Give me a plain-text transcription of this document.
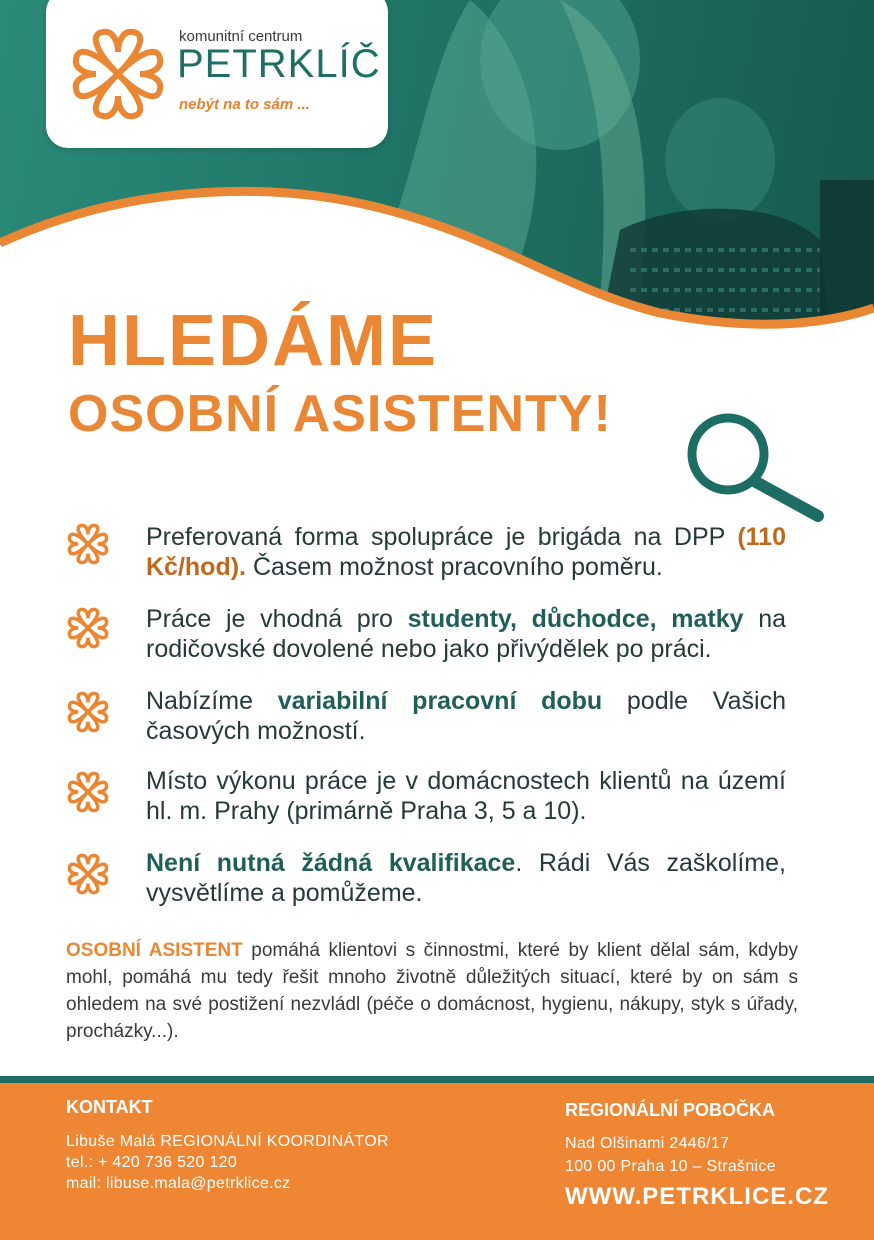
komunitní centrum
PETRKLÍČ
nebýt na to sám ...
HLEDÁME
OSOBNÍ ASISTENTY!
Preferovaná forma spolupráce je brigáda na DPP (110 Kč/hod). Časem možnost pracovního poměru.
Práce je vhodná pro studenty, důchodce, matky na rodičovské dovolené nebo jako přivýdělek po práci.
Nabízíme variabilní pracovní dobu podle Vašich časových možností.
Místo výkonu práce je v domácnostech klientů na území hl. m. Prahy (primárně Praha 3, 5 a 10).
Není nutná žádná kvalifikace. Rádi Vás zaškolíme, vysvětlíme a pomůžeme.
OSOBNÍ ASISTENT pomáhá klientovi s činnostmi, které by klient dělal sám, kdyby mohl, pomáhá mu tedy řešit mnoho životně důležitých situací, které by on sám s ohledem na své postižení nezvládl (péče o domácnost, hygienu, nákupy, styk s úřady, procházky...).
KONTAKT
Libuše Malá REGIONÁLNÍ KOORDINÁTOR
tel.: + 420 736 520 120
mail: libuse.mala@petrklice.cz
REGIONÁLNÍ POBOČKA
Nad Olšinami 2446/17
100 00 Praha 10 – Strašnice
WWW.PETRKLICE.CZ
